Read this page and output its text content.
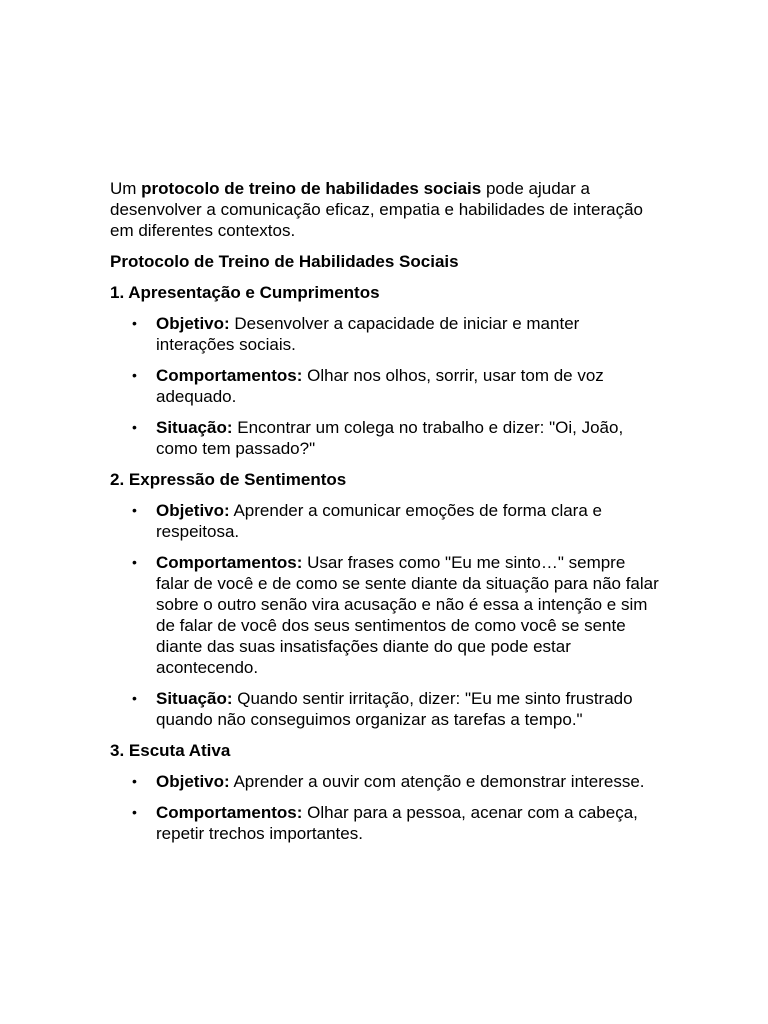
Um protocolo de treino de habilidades sociais pode ajudar a desenvolver a comunicação eficaz, empatia e habilidades de interação em diferentes contextos.

Protocolo de Treino de Habilidades Sociais

1. Apresentação e Cumprimentos

• Objetivo: Desenvolver a capacidade de iniciar e manter interações sociais.
• Comportamentos: Olhar nos olhos, sorrir, usar tom de voz adequado.
• Situação: Encontrar um colega no trabalho e dizer: "Oi, João, como tem passado?"

2. Expressão de Sentimentos

• Objetivo: Aprender a comunicar emoções de forma clara e respeitosa.
• Comportamentos: Usar frases como "Eu me sinto…" sempre falar de você e de como se sente diante da situação para não falar sobre o outro senão vira acusação e não é essa a intenção e sim de falar de você dos seus sentimentos de como você se sente diante das suas insatisfações diante do que pode estar acontecendo.
• Situação: Quando sentir irritação, dizer: "Eu me sinto frustrado quando não conseguimos organizar as tarefas a tempo."

3. Escuta Ativa

• Objetivo: Aprender a ouvir com atenção e demonstrar interesse.
• Comportamentos: Olhar para a pessoa, acenar com a cabeça, repetir trechos importantes.
